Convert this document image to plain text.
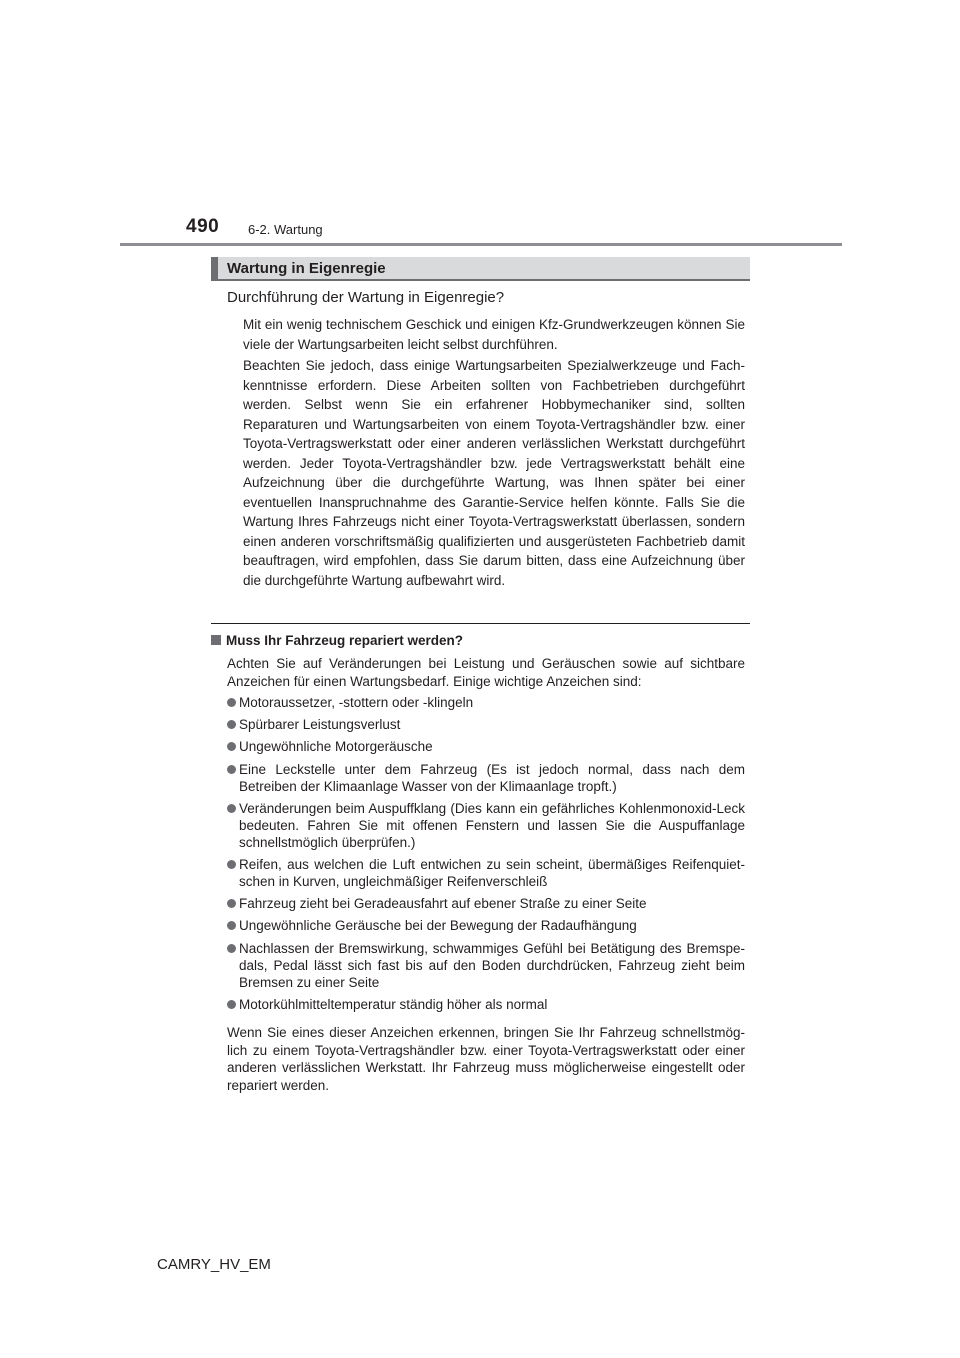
490 6-2. Wartung
Wartung in Eigenregie
Durchführung der Wartung in Eigenregie?

Mit ein wenig technischem Geschick und einigen Kfz-Grundwerkzeugen können Sie viele der Wartungsarbeiten leicht selbst durchführen.

Beachten Sie jedoch, dass einige Wartungsarbeiten Spezialwerkzeuge und Fachkenntnisse erfordern. Diese Arbeiten sollten von Fachbetrieben durchgeführt werden. Selbst wenn Sie ein erfahrener Hobbymechaniker sind, sollten Reparaturen und Wartungsarbeiten von einem Toyota-Vertragshändler bzw. einer Toyota-Vertragswerkstatt oder einer anderen verlässlichen Werkstatt durchgeführt werden. Jeder Toyota-Vertragshändler bzw. jede Vertragswerkstatt behält eine Aufzeichnung über die durchgeführte Wartung, was Ihnen später bei einer eventuellen Inanspruchnahme des Garantie-Service helfen könnte. Falls Sie die Wartung Ihres Fahrzeugs nicht einer Toyota-Vertragswerkstatt überlassen, sondern einen anderen vorschriftsmäßig qualifizierten und ausgerüsteten Fachbetrieb damit beauftragen, wird empfohlen, dass Sie darum bitten, dass eine Aufzeichnung über die durchgeführte Wartung aufbewahrt wird.

Muss Ihr Fahrzeug repariert werden?

Achten Sie auf Veränderungen bei Leistung und Geräuschen sowie auf sichtbare Anzeichen für einen Wartungsbedarf. Einige wichtige Anzeichen sind:

Motoraussetzer, -stottern oder -klingeln
Spürbarer Leistungsverlust
Ungewöhnliche Motorgeräusche
Eine Leckstelle unter dem Fahrzeug (Es ist jedoch normal, dass nach dem Betreiben der Klimaanlage Wasser von der Klimaanlage tropft.)
Veränderungen beim Auspuffklang (Dies kann ein gefährliches Kohlenmonoxid-Leck bedeuten. Fahren Sie mit offenen Fenstern und lassen Sie die Auspuffanlage schnellstmöglich überprüfen.)
Reifen, aus welchen die Luft entwichen zu sein scheint, übermäßiges Reifenquietschen in Kurven, ungleichmäßiger Reifenverschleiß
Fahrzeug zieht bei Geradeausfahrt auf ebener Straße zu einer Seite
Ungewöhnliche Geräusche bei der Bewegung der Radaufhängung
Nachlassen der Bremswirkung, schwammiges Gefühl bei Betätigung des Bremspedals, Pedal lässt sich fast bis auf den Boden durchdrücken, Fahrzeug zieht beim Bremsen zu einer Seite
Motorkühlmitteltemperatur ständig höher als normal

Wenn Sie eines dieser Anzeichen erkennen, bringen Sie Ihr Fahrzeug schnellstmöglich zu einem Toyota-Vertragshändler bzw. einer Toyota-Vertragswerkstatt oder einer anderen verlässlichen Werkstatt. Ihr Fahrzeug muss möglicherweise eingestellt oder repariert werden.

CAMRY_HV_EM
